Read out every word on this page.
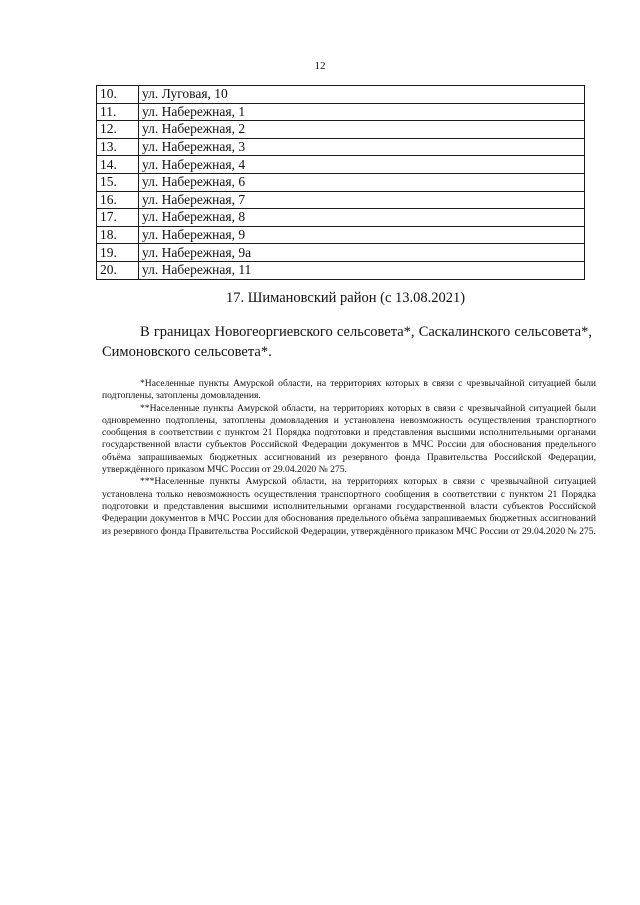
12
10.	ул. Луговая, 10
11.	ул. Набережная, 1
12.	ул. Набережная, 2
13.	ул. Набережная, 3
14.	ул. Набережная, 4
15.	ул. Набережная, 6
16.	ул. Набережная, 7
17.	ул. Набережная, 8
18.	ул. Набережная, 9
19.	ул. Набережная, 9а
20.	ул. Набережная, 11
17. Шимановский район (с 13.08.2021)

В границах Новогеоргиевского сельсовета*, Саскалинского сельсовета*, Симоновского сельсовета*.

*Населенные пункты Амурской области, на территориях которых в связи с чрезвычайной ситуацией были подтоплены, затоплены домовладения.

**Населенные пункты Амурской области, на территориях которых в связи с чрезвычайной ситуацией были одновременно подтоплены, затоплены домовладения и установлена невозможность осуществления транспортного сообщения в соответствии с пунктом 21 Порядка подготовки и представления высшими исполнительными органами государственной власти субъектов Российской Федерации документов в МЧС России для обоснования предельного объёма запрашиваемых бюджетных ассигнований из резервного фонда Правительства Российской Федерации, утверждённого приказом МЧС России от 29.04.2020 № 275.

***Населенные пункты Амурской области, на территориях которых в связи с чрезвычайной ситуацией установлена только невозможность осуществления транспортного сообщения в соответствии с пунктом 21 Порядка подготовки и представления высшими исполнительными органами государственной власти субъектов Российской Федерации документов в МЧС России для обоснования предельного объёма запрашиваемых бюджетных ассигнований из резервного фонда Правительства Российской Федерации, утверждённого приказом МЧС России от 29.04.2020 № 275.
